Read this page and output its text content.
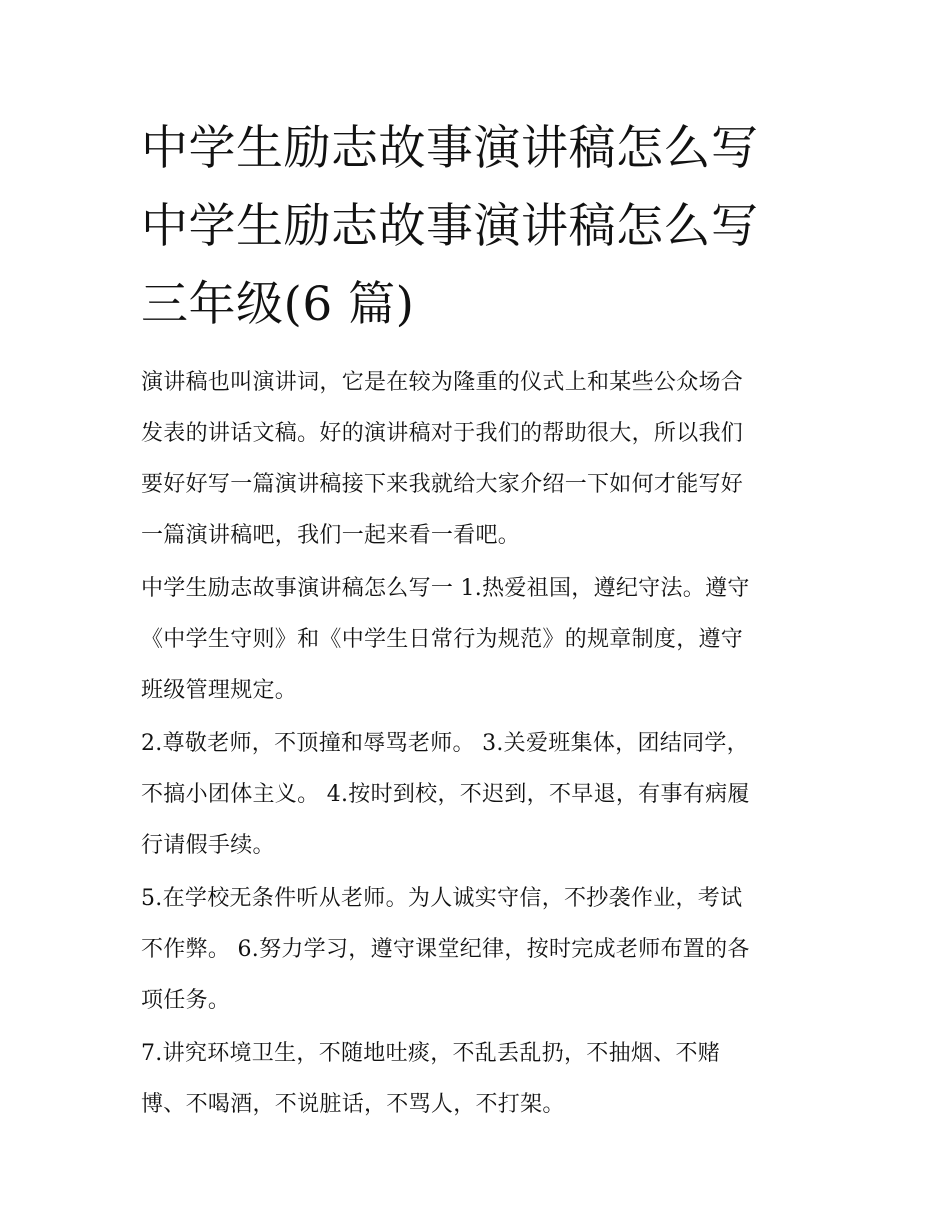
中学生励志故事演讲稿怎么写
中学生励志故事演讲稿怎么写
三年级(6 篇)
演讲稿也叫演讲词，它是在较为隆重的仪式上和某些公众场合
发表的讲话文稿。好的演讲稿对于我们的帮助很大，所以我们
要好好写一篇演讲稿接下来我就给大家介绍一下如何才能写好
一篇演讲稿吧，我们一起来看一看吧。
中学生励志故事演讲稿怎么写一 1.热爱祖国，遵纪守法。遵守
《中学生守则》和《中学生日常行为规范》的规章制度，遵守
班级管理规定。
2.尊敬老师，不顶撞和辱骂老师。 3.关爱班集体，团结同学，
不搞小团体主义。 4.按时到校，不迟到，不早退，有事有病履
行请假手续。
5.在学校无条件听从老师。为人诚实守信，不抄袭作业，考试
不作弊。 6.努力学习，遵守课堂纪律，按时完成老师布置的各
项任务。
7.讲究环境卫生，不随地吐痰，不乱丢乱扔，不抽烟、不赌
博、不喝酒，不说脏话，不骂人，不打架。
